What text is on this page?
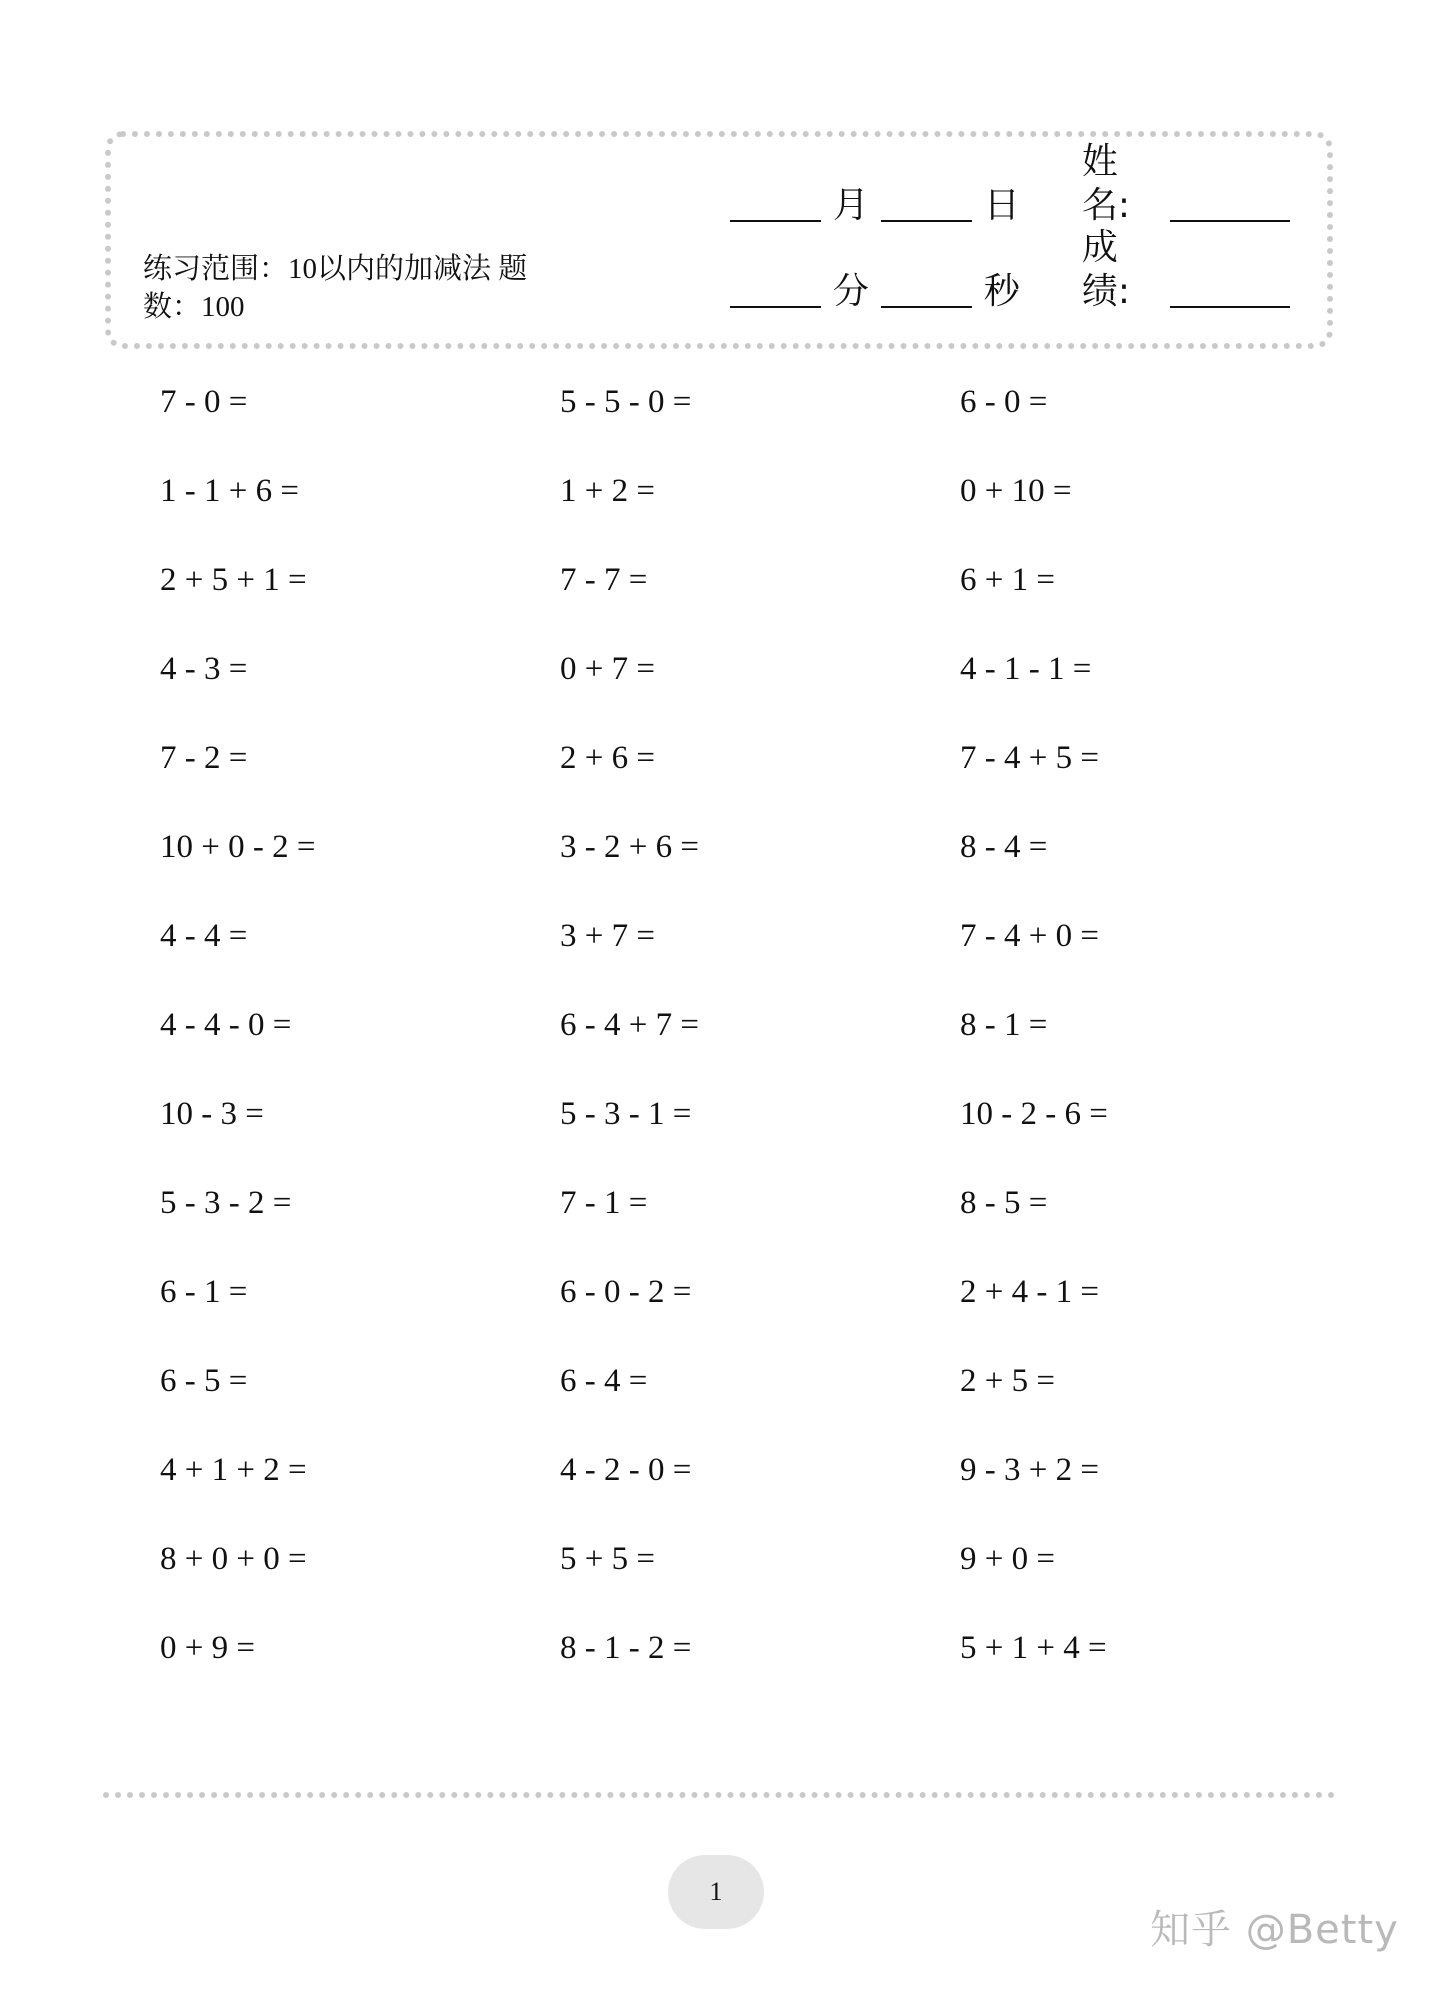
练习范围：10以内的加减法 题数：100
月	日
姓名:
分	秒
成绩:
7 - 0 =	5 - 5 - 0 =	6 - 0 =
1 - 1 + 6 =	1 + 2 =	0 + 10 =
2 + 5 + 1 =	7 - 7 =	6 + 1 =
4 - 3 =	0 + 7 =	4 - 1 - 1 =
7 - 2 =	2 + 6 =	7 - 4 + 5 =
10 + 0 - 2 =	3 - 2 + 6 =	8 - 4 =
4 - 4 =	3 + 7 =	7 - 4 + 0 =
4 - 4 - 0 =	6 - 4 + 7 =	8 - 1 =
10 - 3 =	5 - 3 - 1 =	10 - 2 - 6 =
5 - 3 - 2 =	7 - 1 =	8 - 5 =
6 - 1 =	6 - 0 - 2 =	2 + 4 - 1 =
6 - 5 =	6 - 4 =	2 + 5 =
4 + 1 + 2 =	4 - 2 - 0 =	9 - 3 + 2 =
8 + 0 + 0 =	5 + 5 =	9 + 0 =
0 + 9 =	8 - 1 - 2 =	5 + 1 + 4 =
1
知乎 @Betty
